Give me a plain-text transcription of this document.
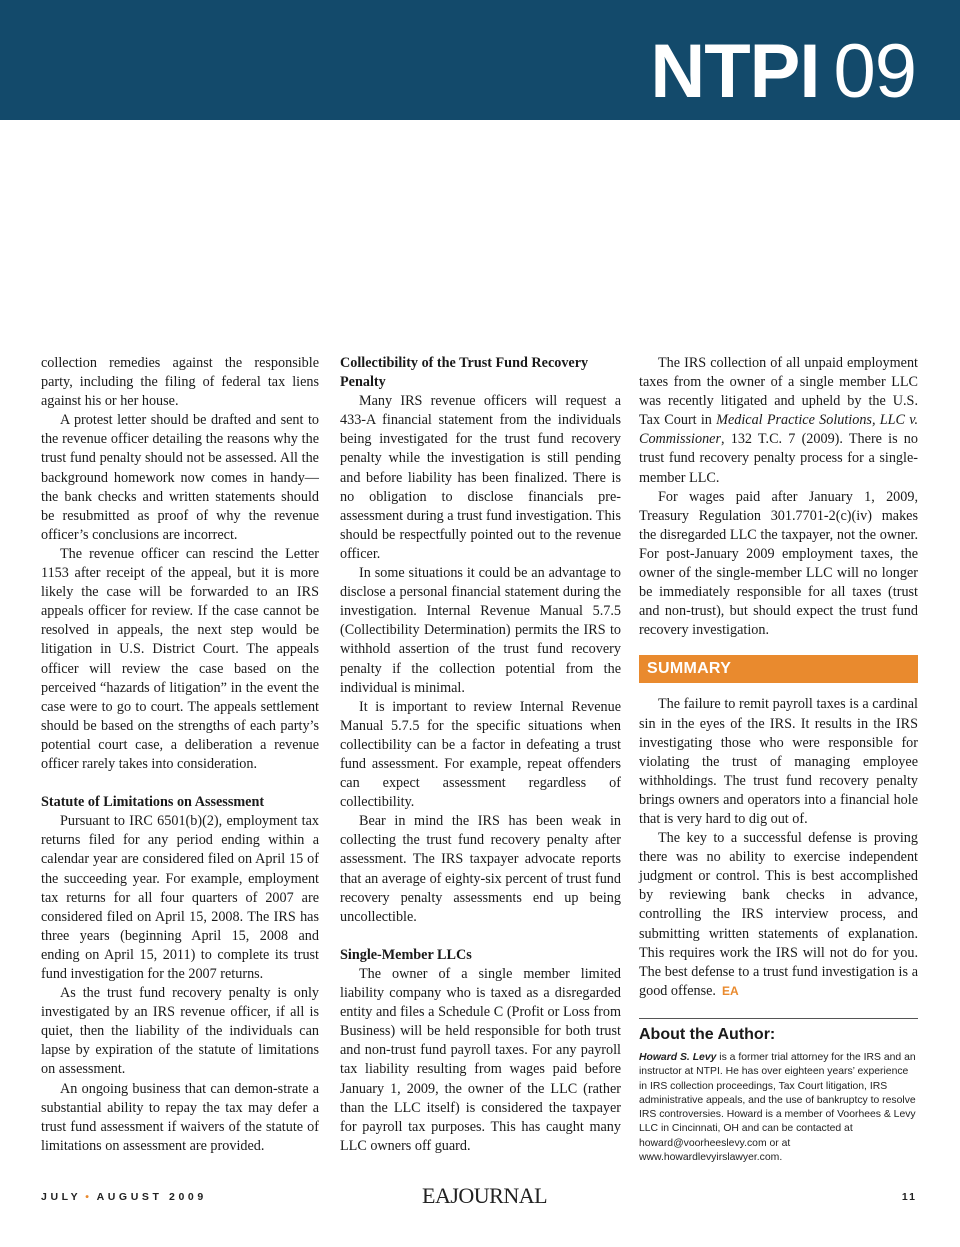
NTPI 09

collection remedies against the responsible party, including the filing of federal tax liens against his or her house.

A protest letter should be drafted and sent to the revenue officer detailing the reasons why the trust fund penalty should not be assessed. All the background homework now comes in handy—the bank checks and written statements should be resubmitted as proof of why the revenue officer’s conclusions are incorrect.

The revenue officer can rescind the Letter 1153 after receipt of the appeal, but it is more likely the case will be forwarded to an IRS appeals officer for review. If the case cannot be resolved in appeals, the next step would be litigation in U.S. District Court. The appeals officer will review the case based on the perceived “hazards of litigation” in the event the case were to go to court. The appeals settlement should be based on the strengths of each party’s potential court case, a deliberation a revenue officer rarely takes into consideration.

Statute of Limitations on Assessment

Pursuant to IRC 6501(b)(2), employment tax returns filed for any period ending within a calendar year are considered filed on April 15 of the succeeding year. For example, employment tax returns for all four quarters of 2007 are considered filed on April 15, 2008. The IRS has three years (beginning April 15, 2008 and ending on April 15, 2011) to complete its trust fund investigation for the 2007 returns.

As the trust fund recovery penalty is only investigated by an IRS revenue officer, if all is quiet, then the liability of the individuals can lapse by expiration of the statute of limitations on assessment.

An ongoing business that can demon-strate a substantial ability to repay the tax may defer a trust fund assessment if waivers of the statute of limitations on assessment are provided.

Collectibility of the Trust Fund Recovery Penalty

Many IRS revenue officers will request a 433-A financial statement from the individuals being investigated for the trust fund recovery penalty while the investigation is still pending and before liability has been finalized. There is no obligation to disclose financials pre-assessment during a trust fund investigation. This should be respectfully pointed out to the revenue officer.

In some situations it could be an advantage to disclose a personal financial statement during the investigation. Internal Revenue Manual 5.7.5 (Collectibility Determination) permits the IRS to withhold assertion of the trust fund recovery penalty if the collection potential from the individual is minimal.

It is important to review Internal Revenue Manual 5.7.5 for the specific situations when collectibility can be a factor in defeating a trust fund assessment. For example, repeat offenders can expect assessment regardless of collectibility.

Bear in mind the IRS has been weak in collecting the trust fund recovery penalty after assessment. The IRS taxpayer advocate reports that an average of eighty-six percent of trust fund recovery penalty assessments end up being uncollectible.

Single-Member LLCs

The owner of a single member limited liability company who is taxed as a disregarded entity and files a Schedule C (Profit or Loss from Business) will be held responsible for both trust and non-trust fund payroll taxes. For any payroll tax liability resulting from wages paid before January 1, 2009, the owner of the LLC (rather than the LLC itself) is considered the taxpayer for payroll tax purposes. This has caught many LLC owners off guard.

The IRS collection of all unpaid employment taxes from the owner of a single member LLC was recently litigated and upheld by the U.S. Tax Court in Medical Practice Solutions, LLC v. Commissioner, 132 T.C. 7 (2009). There is no trust fund recovery penalty process for a single-member LLC.

For wages paid after January 1, 2009, Treasury Regulation 301.7701-2(c)(iv) makes the disregarded LLC the taxpayer, not the owner. For post-January 2009 employment taxes, the owner of the single-member LLC will no longer be immediately responsible for all taxes (trust and non-trust), but should expect the trust fund recovery investigation.

SUMMARY

The failure to remit payroll taxes is a cardinal sin in the eyes of the IRS. It results in the IRS investigating those who were responsible for violating the trust of managing employee withholdings. The trust fund recovery penalty brings owners and operators into a financial hole that is very hard to dig out of.

The key to a successful defense is proving there was no ability to exercise independent judgment or control. This is best accomplished by reviewing bank checks in advance, controlling the IRS interview process, and submitting written statements of explanation. This requires work the IRS will not do for you. The best defense to a trust fund investigation is a good offense. EA

About the Author:
Howard S. Levy is a former trial attorney for the IRS and an instructor at NTPI. He has over eighteen years’ experience in IRS collection proceedings, Tax Court litigation, IRS administrative appeals, and the use of bankruptcy to resolve IRS controversies. Howard is a member of Voorhees & Levy LLC in Cincinnati, OH and can be contacted at howard@voorheeslevy.com or at www.howardlevyirslawyer.com.
JULY • AUGUST 2009	EAJOURNAL	11
